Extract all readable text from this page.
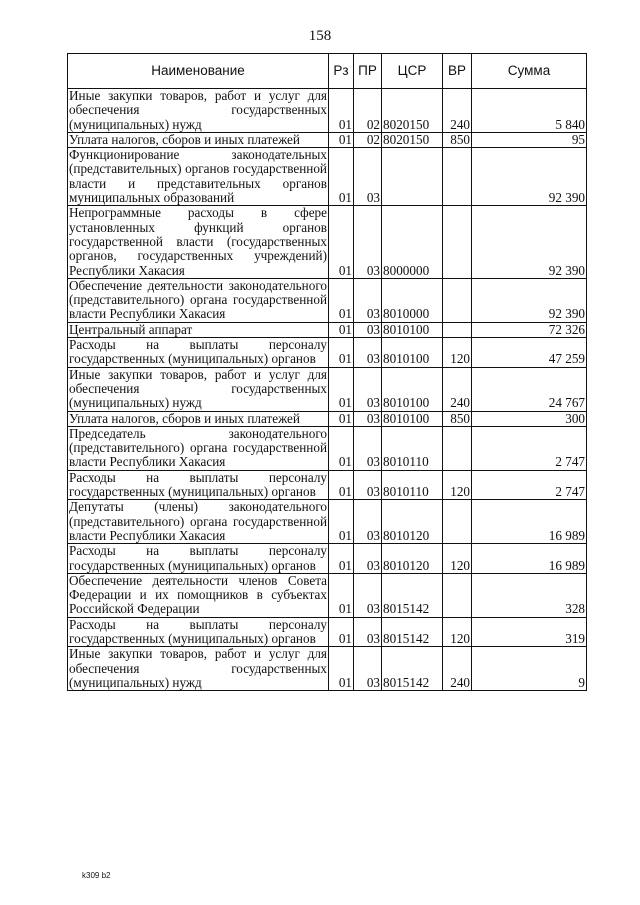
158
Наименование	Рз	ПР	ЦСР	ВР	Сумма
Иные закупки товаров, работ и услуг для обеспечения государственных (муниципальных) нужд	01	02	8020150	240	5 840
Уплата налогов, сборов и иных платежей	01	02	8020150	850	95
Функционирование законодательных (представительных) органов государственной власти и представительных органов муниципальных образований	01	03			92 390
Непрограммные расходы в сфере установленных функций органов государственной власти (государственных органов, государственных учреждений) Республики Хакасия	01	03	8000000		92 390
Обеспечение деятельности законодательного (представительного) органа государственной власти Республики Хакасия	01	03	8010000		92 390
Центральный аппарат	01	03	8010100		72 326
Расходы на выплаты персоналу государственных (муниципальных) органов	01	03	8010100	120	47 259
Иные закупки товаров, работ и услуг для обеспечения государственных (муниципальных) нужд	01	03	8010100	240	24 767
Уплата налогов, сборов и иных платежей	01	03	8010100	850	300
Председатель законодательного (представительного) органа государственной власти Республики Хакасия	01	03	8010110		2 747
Расходы на выплаты персоналу государственных (муниципальных) органов	01	03	8010110	120	2 747
Депутаты (члены) законодательного (представительного) органа государственной власти Республики Хакасия	01	03	8010120		16 989
Расходы на выплаты персоналу государственных (муниципальных) органов	01	03	8010120	120	16 989
Обеспечение деятельности членов Совета Федерации и их помощников в субъектах Российской Федерации	01	03	8015142		328
Расходы на выплаты персоналу государственных (муниципальных) органов	01	03	8015142	120	319
Иные закупки товаров, работ и услуг для обеспечения государственных (муниципальных) нужд	01	03	8015142	240	9
k309 b2
